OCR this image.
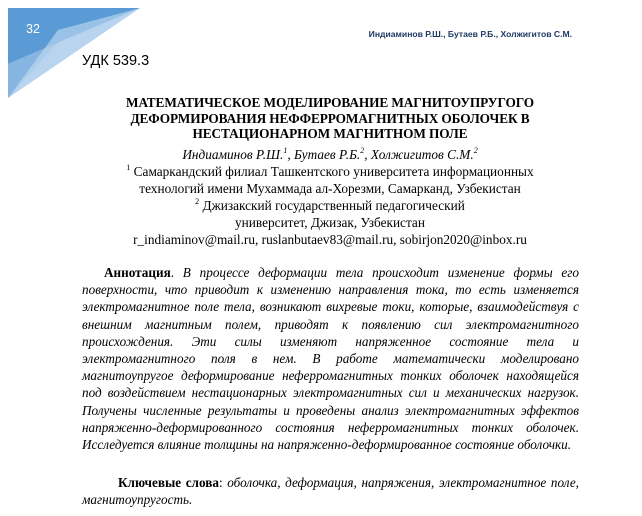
32	Индиаминов Р.Ш., Бутаев Р.Б., Холжигитов С.М.
УДК 539.3
МАТЕМАТИЧЕСКОЕ МОДЕЛИРОВАНИЕ МАГНИТОУПРУГОГО
ДЕФОРМИРОВАНИЯ НЕФФЕРРОМАГНИТНЫХ ОБОЛОЧЕК В
НЕСТАЦИОНАРНОМ МАГНИТНОМ ПОЛЕ
Индиаминов Р.Ш.$^1$, Бутаев Р.Б.$^2$, Холжигитов С.М.$^2$
$^1$ Самаркандский филиал Ташкентского университета информационных
технологий имени Мухаммада ал-Хорезми, Самарканд, Узбекистан
$^2$ Джизакский государственный педагогический
университет, Джизак, Узбекистан
r_indiaminov@mail.ru, ruslanbutaev83@mail.ru, sobirjon2020@inbox.ru
Аннотация. В процессе деформации тела происходит изменение формы его поверхности, что приводит к изменению направления тока, то есть изменяется электромагнитное поле тела, возникают вихревые токи, которые, взаимодействуя с внешним магнитным полем, приводят к появлению сил электромагнитного происхождения. Эти силы изменяют напряженное состояние тела и электромагнитного поля в нем. В работе математически моделировано магнитоупругое деформирование неферромагнитных тонких оболочек находящейся под воздействием нестационарных электромагнитных сил и механических нагрузок. Получены численные результаты и проведены анализ электромагнитных эффектов напряженно-деформированного состояния неферромагнитных тонких оболочек. Исследуется влияние толщины на напряженно-деформированное состояние оболочки.
Ключевые слова: оболочка, деформация, напряжения, электромагнитное поле, магнитоупругость.
